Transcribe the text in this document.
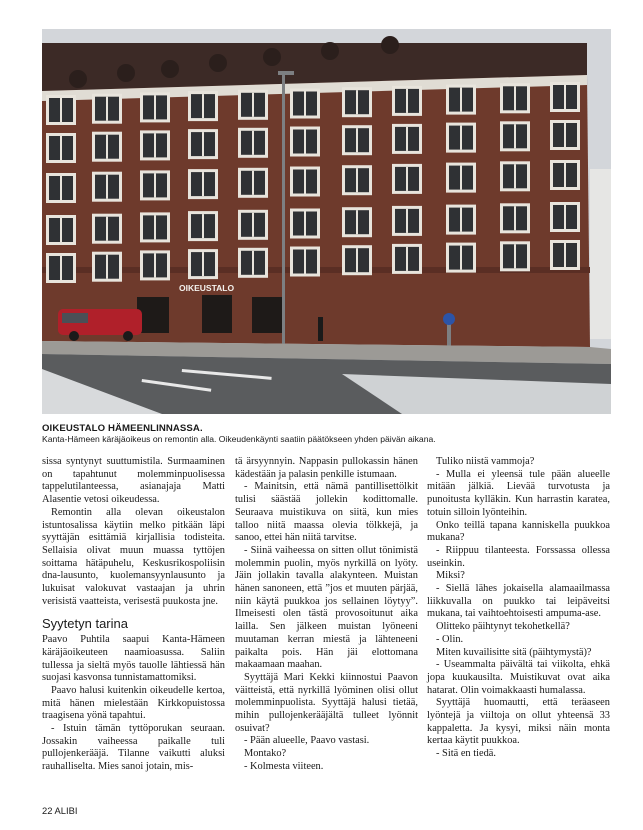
OIKEUSTALO
OIKEUSTALO HÄMEENLINNASSA.
Kanta-Hämeen käräjäoikeus on remontin alla. Oikeudenkäynti saatiin päätökseen yhden päivän aikana.

sissa syntynyt suuttumistila. Surmaaminen on tapahtunut molemminpuolisessa tappelutilanteessa, asianajaja Matti Alasentie vetosi oikeudessa.

Remontin alla olevan oikeustalon istuntosalissa käytiin melko pitkään läpi syyttäjän esittämiä kirjallisia todisteita. Sellaisia olivat muun muassa tyttöjen soittama hätäpuhelu, Keskusrikospoliisin dna-lausunto, kuolemansyynlausunto ja lukuisat valokuvat vastaajan ja uhrin verisistä vaatteista, verisestä puukosta jne.

Syytetyn tarina

Paavo Puhtila saapui Kanta-Hämeen käräjäoikeuteen naamioasussa. Saliin tullessa ja sieltä myös tauolle lähtiessä hän suojasi kasvonsa tunnistamattomiksi.

Paavo halusi kuitenkin oikeudelle kertoa, mitä hänen mielestään Kirkkopuistossa traagisena yönä tapahtui.

- Istuin tämän tyttöporukan seuraan. Jossakin vaiheessa paikalle tuli pullojenkerääjä. Tilanne vaikutti aluksi rauhalliselta. Mies sanoi jotain, mis-

tä ärsyynnyin. Nappasin pullokassin hänen kädestään ja palasin penkille istumaan.

- Mainitsin, että nämä pantillisettölkit tulisi säästää jollekin kodittomalle. Seuraava muistikuva on siitä, kun mies talloo niitä maassa olevia tölkkejä, ja sanoo, ettei hän niitä tarvitse.

- Siinä vaiheessa on sitten ollut tönimistä molemmin puolin, myös nyrkillä on lyöty. Jäin jollakin tavalla alakynteen. Muistan hänen sanoneen, että ”jos et muuten pärjää, niin käytä puukkoa jos sellainen löytyy”. Ilmeisesti olen tästä provosoitunut aika lailla. Sen jälkeen muistan lyöneeni muutaman kerran miestä ja lähteneeni paikalta pois. Hän jäi elottomana makaamaan maahan.

Syyttäjä Mari Kekki kiinnostui Paavon väitteistä, että nyrkillä lyöminen olisi ollut molemminpuolista. Syyttäjä halusi tietää, mihin pullojenkerääjältä tulleet lyönnit osuivat?

- Pään alueelle, Paavo vastasi.

Montako?

- Kolmesta viiteen.

Tuliko niistä vammoja?

- Mulla ei yleensä tule pään alueelle mitään jälkiä. Lievää turvotusta ja punoitusta kylläkin. Kun harrastin karatea, totuin silloin lyönteihin.

Onko teillä tapana kanniskella puukkoa mukana?

- Riippuu tilanteesta. Forssassa ollessa useinkin.

Miksi?

- Siellä lähes jokaisella alamaailmassa liikkuvalla on puukko tai leipäveitsi mukana, tai vaihtoehtoisesti ampuma-ase.

Olitteko päihtynyt tekohetkellä?

- Olin.

Miten kuvailisitte sitä (päihtymystä)?

- Useammalta päivältä tai viikolta, ehkä jopa kuukausilta. Muistikuvat ovat aika hatarat. Olin voimakkaasti humalassa.

Syyttäjä huomautti, että teräaseen lyöntejä ja viiltoja on ollut yhteensä 33 kappaletta. Ja kysyi, miksi näin monta kertaa käytit puukkoa.

- Sitä en tiedä.

22 ALIBI
